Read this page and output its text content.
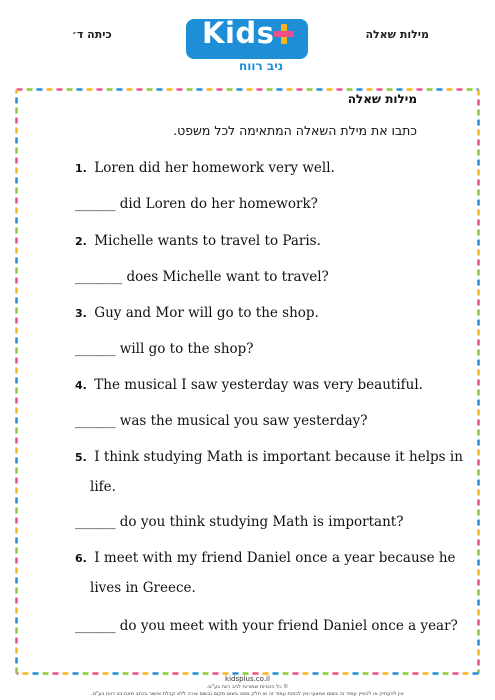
כיתה ד׳	מילות שאלה
Kids
ניב רווח
מילות שאלה
כתבו את מילת השאלה המתאימה לכל משפט.
1. Loren did her homework very well.
______ did Loren do her homework?
2. Michelle wants to travel to Paris.
_______ does Michelle want to travel?
3. Guy and Mor will go to the shop.
______ will go to the shop?
4. The musical I saw yesterday was very beautiful.
______ was the musical you saw yesterday?
5. I think studying Math is important because it helps in
life.
______ do you think studying Math is important?
6. I meet with my friend Daniel once a year because he
lives in Greece.
______ do you meet with your friend Daniel once a year?
kidsplus.co.il
© כל הזכויות שמורות לניב רווח בע"מ.
אין להעתיק או להפיץ עמוד זה בשום אמצעי ואין לכסות עמוד זה או חלק ממנו בשום מקום ובשום צורה ללא קבלת אישור בכתב מאת ניב רווח בע"מ.
